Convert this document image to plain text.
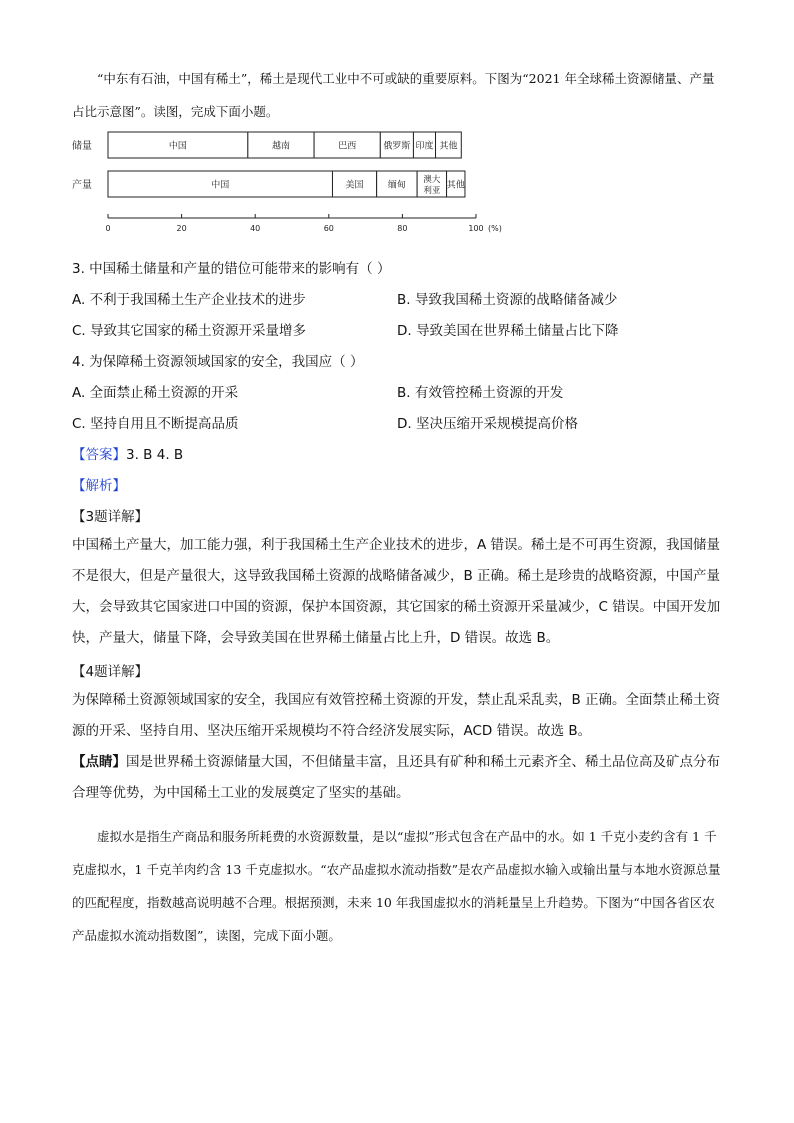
“中东有石油，中国有稀土”，稀土是现代工业中不可或缺的重要原料。下图为“2021 年全球稀土资源储量、产量占比示意图”。读图，完成下面小题。

储量	中国	越南	巴西	俄罗斯 印度 其他
产量	中国	美国	缅甸
澳大
利亚
其他
0	20	40	60	80	100 (%)

3. 中国稀土储量和产量的错位可能带来的影响有（ ）

A. 不利于我国稀土生产企业技术的进步	B. 导致我国稀土资源的战略储备减少

C. 导致其它国家的稀土资源开采量增多	D. 导致美国在世界稀土储量占比下降

4. 为保障稀土资源领域国家的安全，我国应（ ）

A. 全面禁止稀土资源的开采	B. 有效管控稀土资源的开发

C. 坚持自用且不断提高品质	D. 坚决压缩开采规模提高价格

【答案】3. B 4. B

【解析】

【3题详解】

中国稀土产量大，加工能力强，利于我国稀土生产企业技术的进步，A 错误。稀土是不可再生资源，我国储量不是很大，但是产量很大，这导致我国稀土资源的战略储备减少，B 正确。稀土是珍贵的战略资源，中国产量大，会导致其它国家进口中国的资源，保护本国资源，其它国家的稀土资源开采量减少，C 错误。中国开发加快，产量大，储量下降，会导致美国在世界稀土储量占比上升，D 错误。故选 B。

【4题详解】

为保障稀土资源领域国家的安全，我国应有效管控稀土资源的开发，禁止乱采乱卖，B 正确。全面禁止稀土资源的开采、坚持自用、坚决压缩开采规模均不符合经济发展实际，ACD 错误。故选 B。

【点睛】国是世界稀土资源储量大国，不但储量丰富，且还具有矿种和稀土元素齐全、稀土品位高及矿点分布合理等优势，为中国稀土工业的发展奠定了坚实的基础。

虚拟水是指生产商品和服务所耗费的水资源数量，是以“虚拟”形式包含在产品中的水。如 1 千克小麦约含有 1 千克虚拟水，1 千克羊肉约含 13 千克虚拟水。“农产品虚拟水流动指数”是农产品虚拟水输入或输出量与本地水资源总量的匹配程度，指数越高说明越不合理。根据预测，未来 10 年我国虚拟水的消耗量呈上升趋势。下图为“中国各省区农产品虚拟水流动指数图”，读图，完成下面小题。
